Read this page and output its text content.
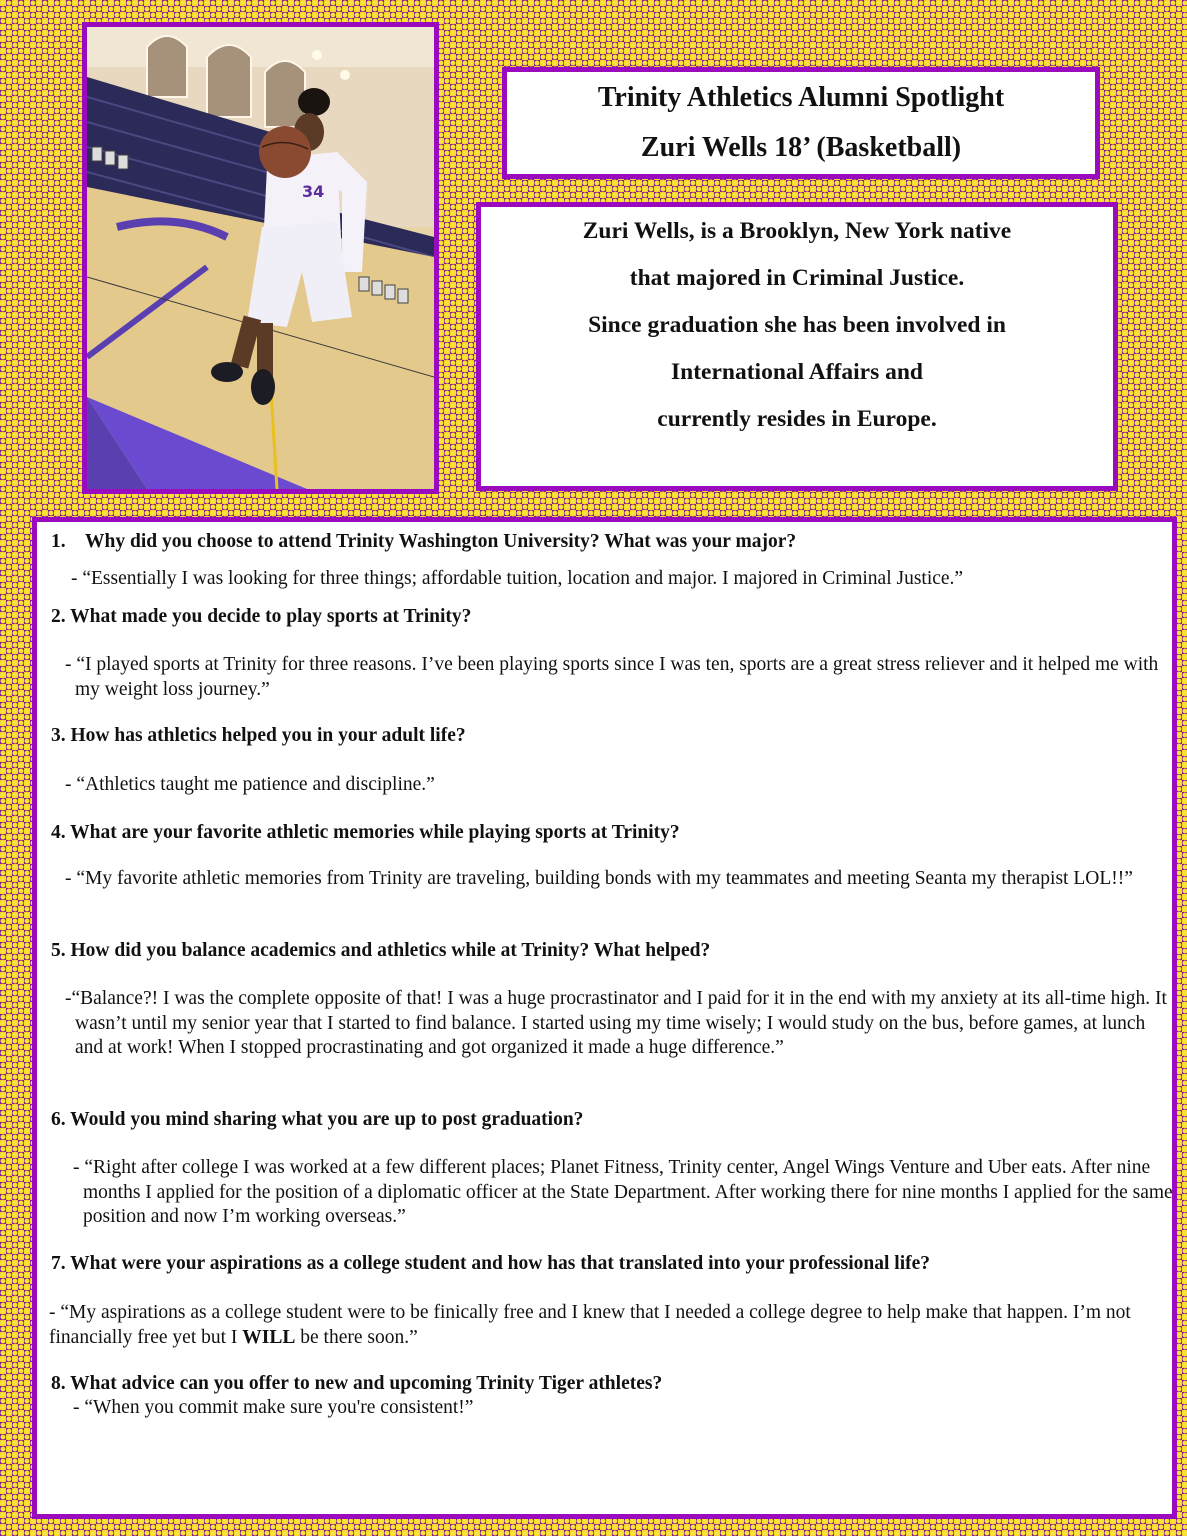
34
Trinity Athletics Alumni Spotlight
Zuri Wells 18’ (Basketball)
Zuri Wells, is a Brooklyn, New York native
that majored in Criminal Justice.
Since graduation she has been involved in
International Affairs and
currently resides in Europe.
1. Why did you choose to attend Trinity Washington University? What was your major?
- “Essentially I was looking for three things; affordable tuition, location and major. I majored in Criminal Justice.”
2. What made you decide to play sports at Trinity?
- “I played sports at Trinity for three reasons. I’ve been playing sports since I was ten, sports are a great stress reliever and it helped me with my weight loss journey.”
3. How has athletics helped you in your adult life?
- “Athletics taught me patience and discipline.”
4. What are your favorite athletic memories while playing sports at Trinity?
- “My favorite athletic memories from Trinity are traveling, building bonds with my teammates and meeting Seanta my therapist LOL!!”
5. How did you balance academics and athletics while at Trinity? What helped?
-“Balance?! I was the complete opposite of that! I was a huge procrastinator and I paid for it in the end with my anxiety at its all-time high. It wasn’t until my senior year that I started to find balance. I started using my time wisely; I would study on the bus, before games, at lunch and at work! When I stopped procrastinating and got organized it made a huge difference.”
6. Would you mind sharing what you are up to post graduation?
- “Right after college I was worked at a few different places; Planet Fitness, Trinity center, Angel Wings Venture and Uber eats. After nine months I applied for the position of a diplomatic officer at the State Department. After working there for nine months I applied for the same position and now I’m working overseas.”
7. What were your aspirations as a college student and how has that translated into your professional life?
- “My aspirations as a college student were to be finically free and I knew that I needed a college degree to help make that happen. I’m not financially free yet but I WILL be there soon.”
8. What advice can you offer to new and upcoming Trinity Tiger athletes?
- “When you commit make sure you're consistent!”
